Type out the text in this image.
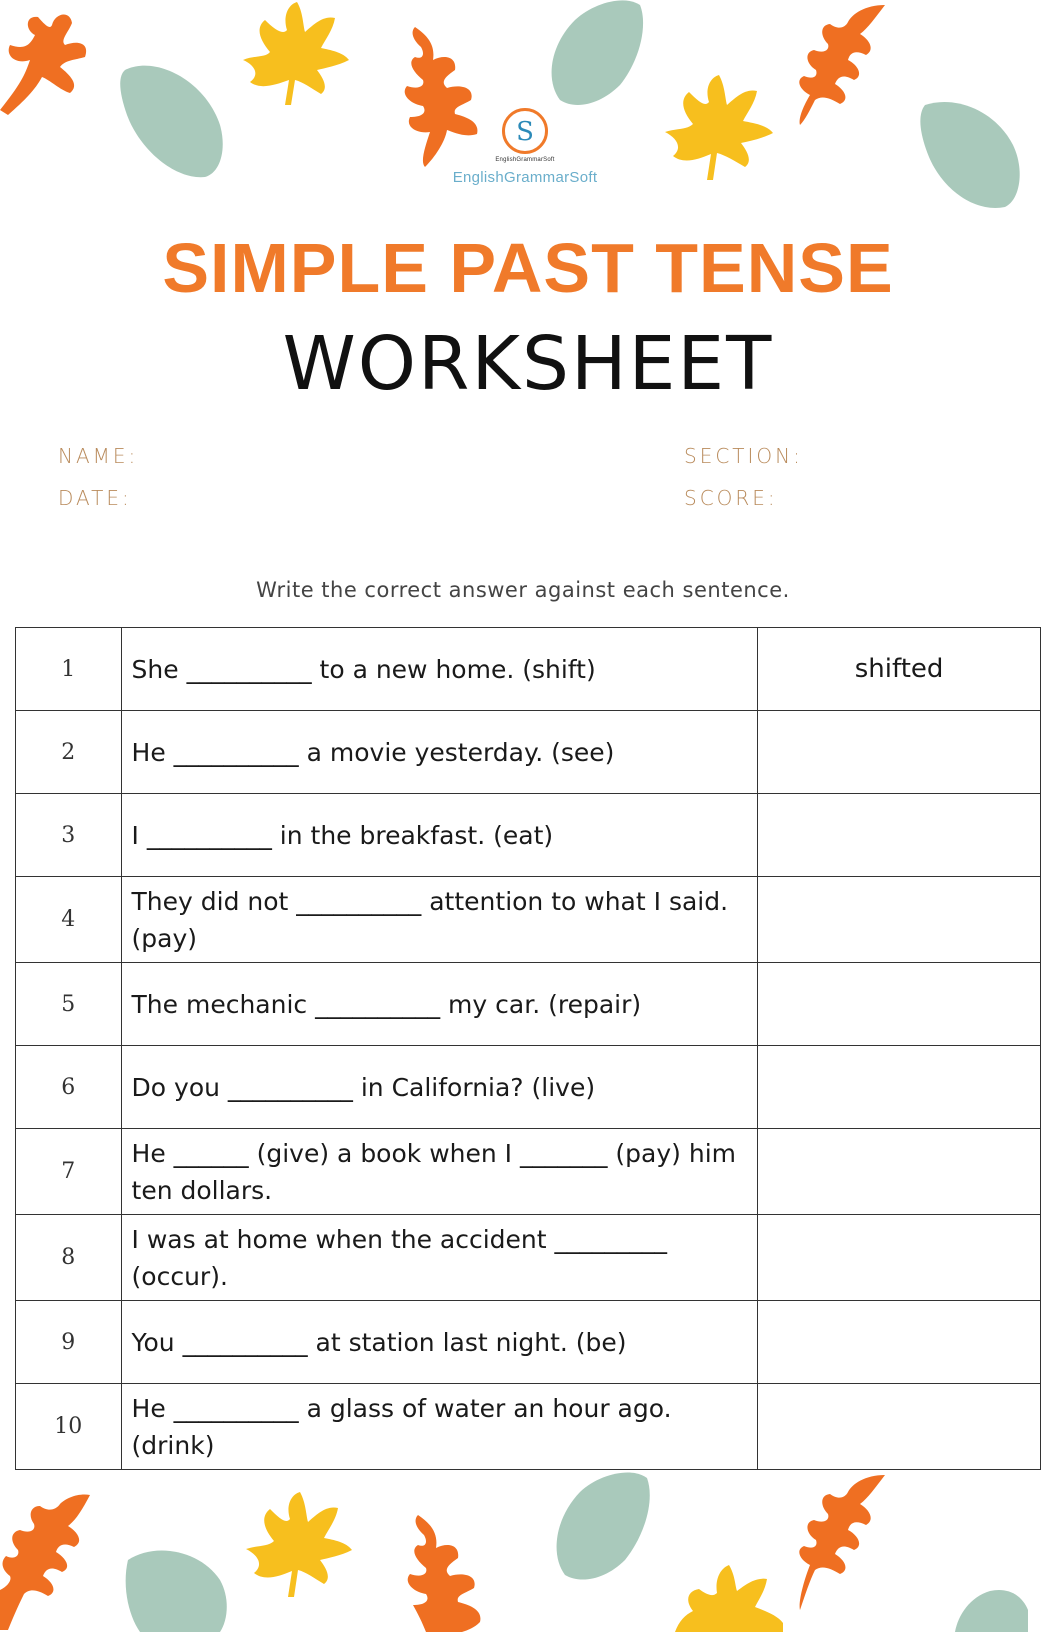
S
EnglishGrammarSoft
EnglishGrammarSoft
SIMPLE PAST TENSE
WORKSHEET
NAME:
DATE:
SECTION:
SCORE:
Write the correct answer against each sentence.
1	She __________ to a new home. (shift)	shifted
2	He __________ a movie yesterday. (see)	
3	I __________ in the breakfast. (eat)	
4	They did not __________ attention to what I said. (pay)	
5	The mechanic __________ my car. (repair)	
6	Do you __________ in California? (live)	
7	He ______ (give) a book when I _______ (pay) him ten dollars.	
8	I was at home when the accident _________ (occur).	
9	You __________ at station last night. (be)	
10	He __________ a glass of water an hour ago. (drink)	
